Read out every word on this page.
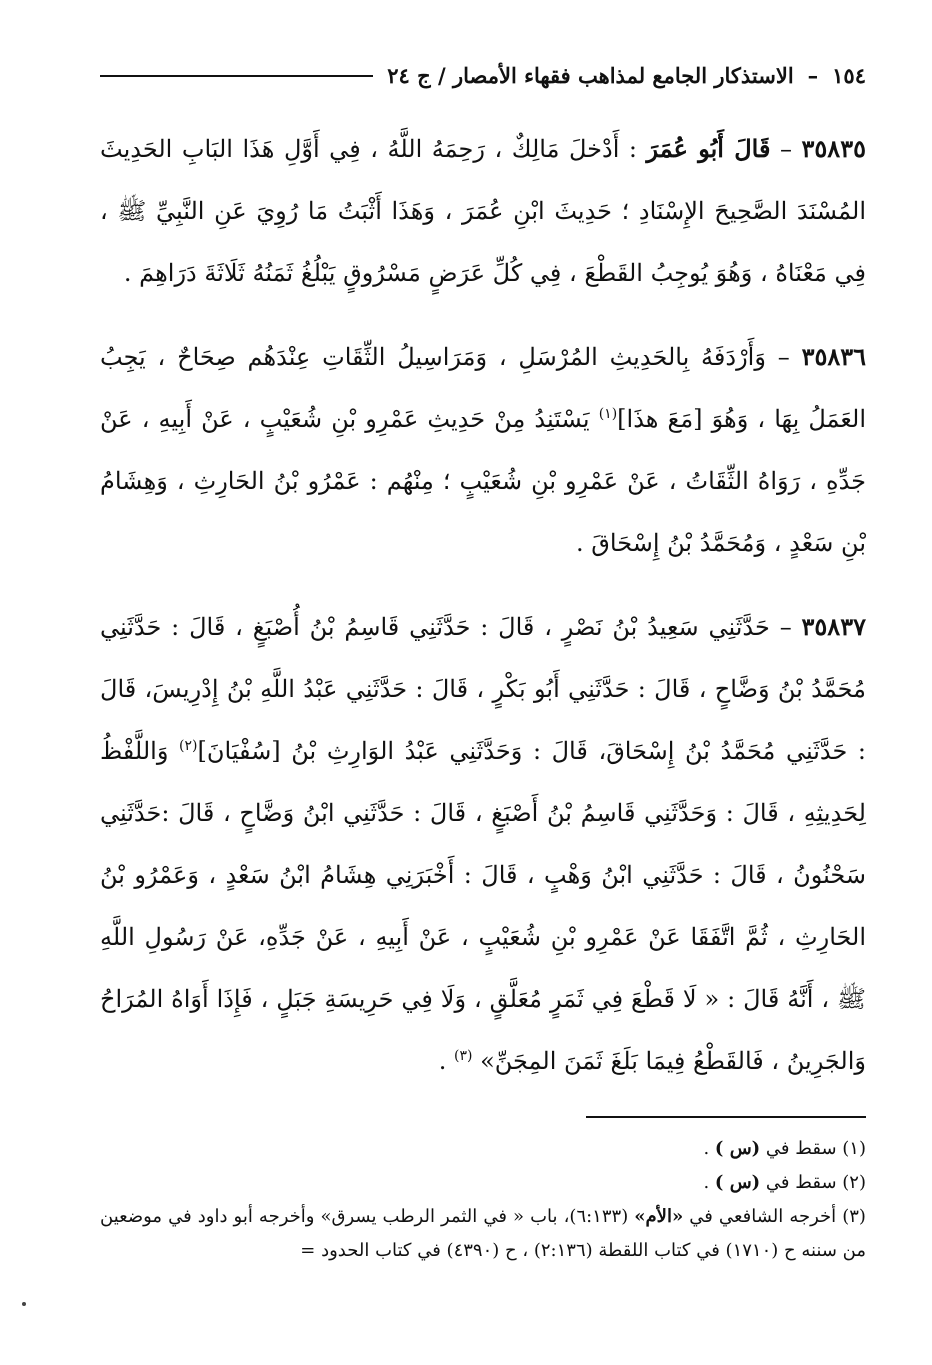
١٥٤
–
الاستذكار الجامع لمذاهب فقهاء الأمصار / ج ٢٤

٣٥٨٣٥ – قَالَ أَبُو عُمَرَ : أَدْخلَ مَالِكٌ ، رَحِمَهُ اللَّهُ ، فِي أَوَّلِ هَذَا البَابِ الحَدِيثَ المُسْنَدَ الصَّحِيحَ الإِسْنَادِ ؛ حَدِيثَ ابْنِ عُمَرَ ، وَهَذَا أَثْبَتُ مَا رُوِيَ عَنِ النَّبِيِّ ﷺ ، فِي مَعْنَاهُ ، وَهُوَ يُوجِبُ القَطْعَ ، فِي كُلِّ عَرَضٍ مَسْرُوقٍ يَبْلُغُ ثَمَنُهُ ثَلَاثَةَ دَرَاهِمَ .

٣٥٨٣٦ – وَأَرْدَفَهُ بِالحَدِيثِ المُرْسَلِ ، وَمَرَاسِيلُ الثِّقَاتِ عِنْدَهُم صِحَاحٌ ، يَجِبُ العَمَلُ بِهَا ، وَهُوَ [مَعَ هذَا]$^{(١)}$ يَسْتَنِدُ مِنْ حَدِيثِ عَمْرِو بْنِ شُعَيْبٍ ، عَنْ أَبِيهِ ، عَنْ جَدِّهِ ، رَوَاهُ الثِّقَاتُ ، عَنْ عَمْرِو بْنِ شُعَيْبٍ ؛ مِنْهُم : عَمْرُو بْنُ الحَارِثِ ، وَهِشَامُ بْنِ سَعْدٍ ، وَمُحَمَّدُ بْنُ إِسْحَاقَ .

٣٥٨٣٧ – حَدَّثَنِي سَعِيدُ بْنُ نَصْرٍ ، قَالَ : حَدَّثَنِي قَاسِمُ بْنُ أُصْبَغٍ ، قَالَ : حَدَّثَنِي مُحَمَّدُ بْنُ وَضَّاحٍ ، قَالَ : حَدَّثَنِي أَبُو بَكْرٍ ، قَالَ : حَدَّثَنِي عَبْدُ اللَّهِ بْنُ إِدْرِيسَ، قَالَ : حَدَّثَنِي مُحَمَّدُ بْنُ إِسْحَاقَ، قَالَ : وَحَدَّثَنِي عَبْدُ الوَارِثِ بْنُ [سُفْيَانَ]$^{(٢)}$ وَاللَّفْظُ لِحَدِيثِهِ ، قَالَ : وَحَدَّثَنِي قَاسِمُ بْنُ أَصْبَغٍ ، قَالَ : حَدَّثَنِي ابْنُ وَضَّاحٍ ، قَالَ :حَدَّثَنِي سَحْنُونُ ، قَالَ : حَدَّثَنِي ابْنُ وَهْبٍ ، قَالَ : أَخْبَرَنِي هِشَامُ ابْنُ سَعْدٍ ، وَعَمْرُو بْنُ الحَارِثِ ، ثُمَّ اتَّفَقَا عَنْ عَمْرِو بْنِ شُعَيْبٍ ، عَنْ أَبِيهِ ، عَنْ جَدِّهِ، عَنْ رَسُولِ اللَّهِ ﷺ ، أَنَّهُ قَالَ : « لَا قَطْعَ فِي ثَمَرٍ مُعَلَّقٍ ، وَلَا فِي حَرِيسَةِ جَبَلٍ ، فَإِذَا أَوَاهُ المُرَاحُ وَالجَرِينُ ، فَالقَطْعُ فِيمَا بَلَغَ ثَمَنَ المِجَنِّ» $^{(٣)}$ .

(١) سقط في (س ) .

(٢) سقط في (س ) .

(٣) أخرجه الشافعي في «الأم» (٦:١٣٣)، باب « في الثمر الرطب يسرق» وأخرجه أبو داود في موضعين من سننه ح (١٧١٠) في كتاب اللقطة (٢:١٣٦) ، ح (٤٣٩٠) في كتاب الحدود =
